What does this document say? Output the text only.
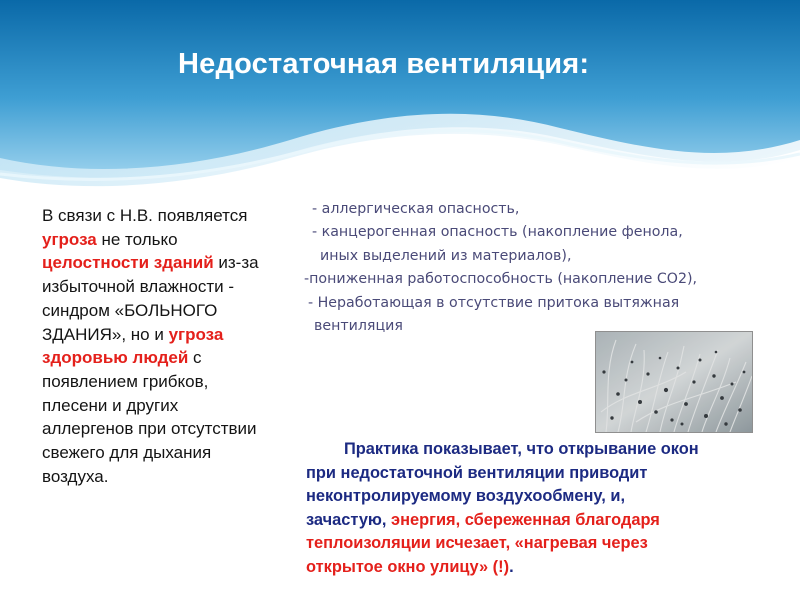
Недостаточная вентиляция:
В связи с Н.В. появляется
угроза не только
целостности зданий из-за
избыточной влажности -
синдром «БОЛЬНОГО
ЗДАНИЯ», но и угроза
здоровью людей с
появлением грибков,
плесени и других
аллергенов при отсутствии
свежего для дыхания
воздуха.
- аллергическая опасность,
- канцерогенная опасность (накопление фенола,
иных выделений из материалов),
-пониженная работоспособность (накопление CO2),
- Неработающая в отсутствие притока вытяжная
вентиляция
Практика показывает, что открывание окон
при недостаточной вентиляции приводит
неконтролируемому воздухообмену, и,
зачастую, энергия, сбереженная благодаря
теплоизоляции исчезает, «нагревая через
открытое окно улицу» (!).
